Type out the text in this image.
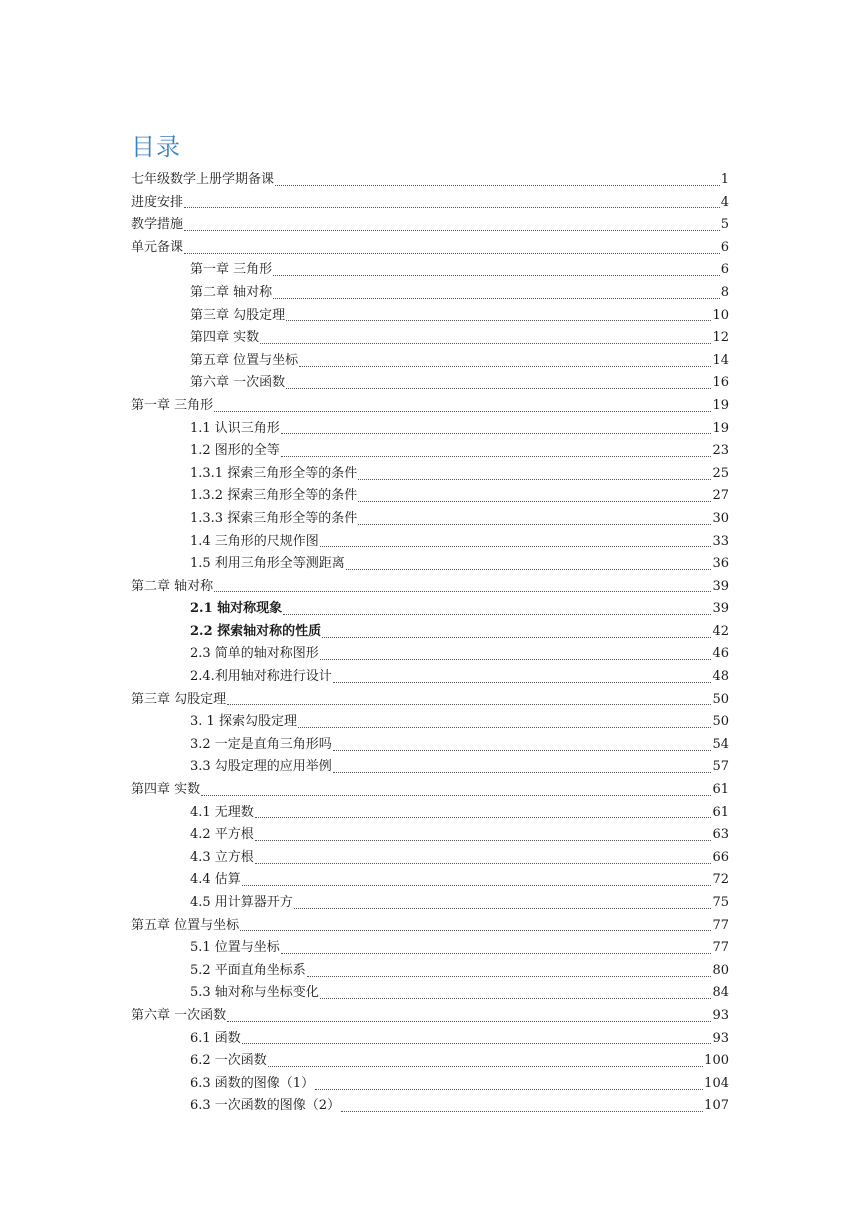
目录
七年级数学上册学期备课	1
进度安排	4
教学措施	5
单元备课	6
第一章 三角形	6
第二章 轴对称	8
第三章 勾股定理	10
第四章 实数	12
第五章 位置与坐标	14
第六章 一次函数	16
第一章 三角形	19
1.1 认识三角形	19
1.2 图形的全等	23
1.3.1 探索三角形全等的条件	25
1.3.2 探索三角形全等的条件	27
1.3.3 探索三角形全等的条件	30
1.4 三角形的尺规作图	33
1.5 利用三角形全等测距离	36
第二章 轴对称	39
2.1 轴对称现象	39
2.2 探索轴对称的性质	42
2.3 简单的轴对称图形	46
2.4.利用轴对称进行设计	48
第三章 勾股定理	50
3. 1 探索勾股定理	50
3.2 一定是直角三角形吗	54
3.3 勾股定理的应用举例	57
第四章 实数	61
4.1 无理数	61
4.2 平方根	63
4.3 立方根	66
4.4 估算	72
4.5 用计算器开方	75
第五章 位置与坐标	77
5.1 位置与坐标	77
5.2 平面直角坐标系	80
5.3 轴对称与坐标变化	84
第六章 一次函数	93
6.1 函数	93
6.2 一次函数	100
6.3 函数的图像（1）	104
6.3 一次函数的图像（2）	107
